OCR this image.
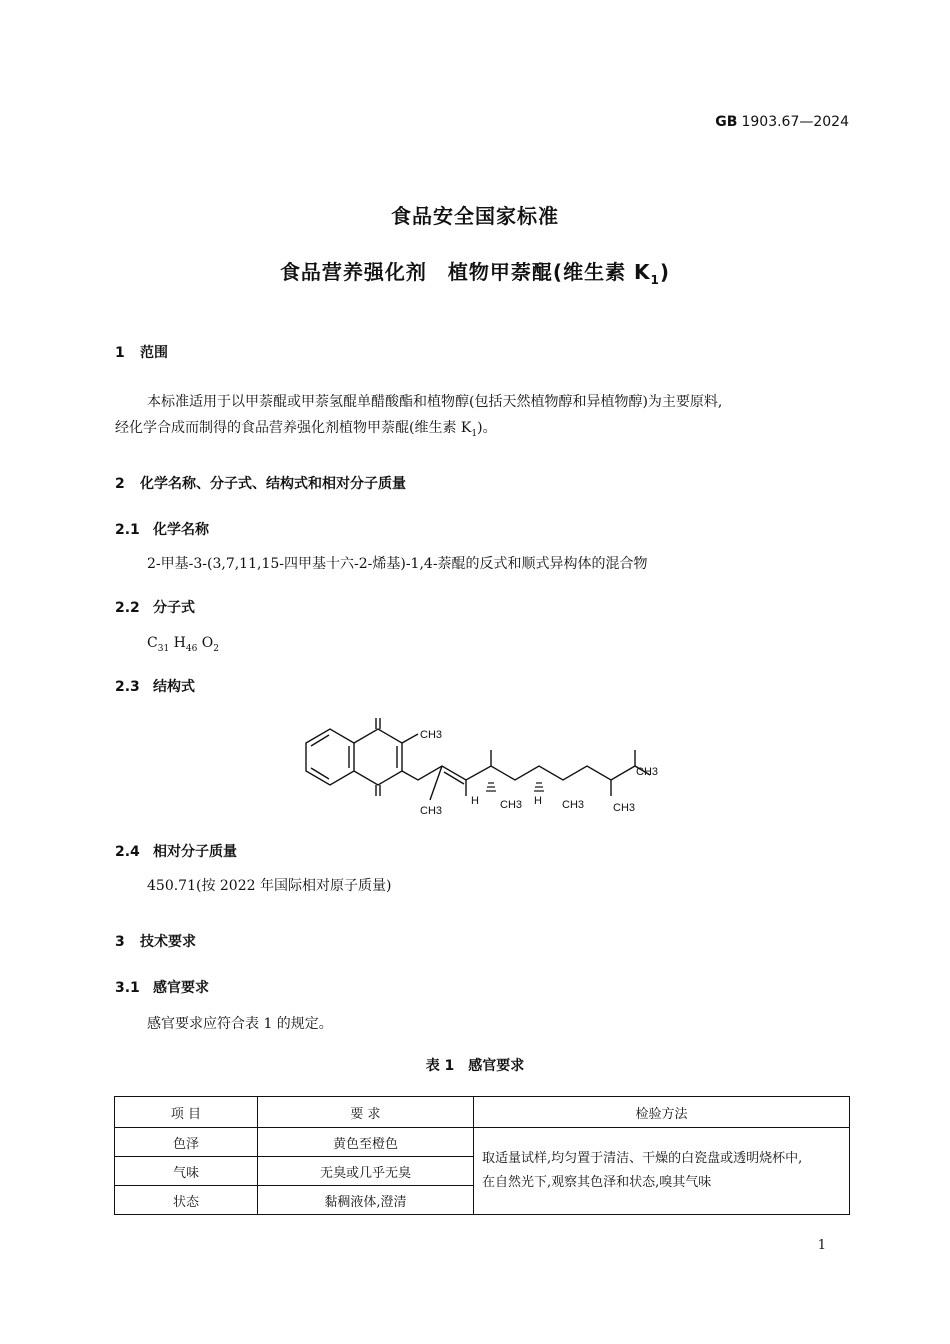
GB 1903.67—2024
食品安全国家标准
食品营养强化剂　植物甲萘醌(维生素 $K_1$)
1 范围
本标准适用于以甲萘醌或甲萘氢醌单醋酸酯和植物醇(包括天然植物醇和异植物醇)为主要原料,
经化学合成而制得的食品营养强化剂植物甲萘醌(维生素 $K_1$)。
2 化学名称、分子式、结构式和相对分子质量
2.1 化学名称
2-甲基-3-(3,7,11,15-四甲基十六-2-烯基)-1,4-萘醌的反式和顺式异构体的混合物
2.2 分子式
$C_{31}$ $H_{46}$ $O_2$
2.3 结构式
CH3
CH3
H CH3 H CH3	CH3
CH3
2.4 相对分子质量
450.71(按 2022 年国际相对原子质量)
3 技术要求
3.1 感官要求
感官要求应符合表 1 的规定。
表 1　感官要求
项 目	要 求	检验方法
色泽	黄色至橙色	取适量试样,均匀置于清洁、干燥的白瓷盘或透明烧杯中,
在自然光下,观察其色泽和状态,嗅其气味

气味	无臭或几乎无臭	
状态	黏稠液体,澄清	
1
